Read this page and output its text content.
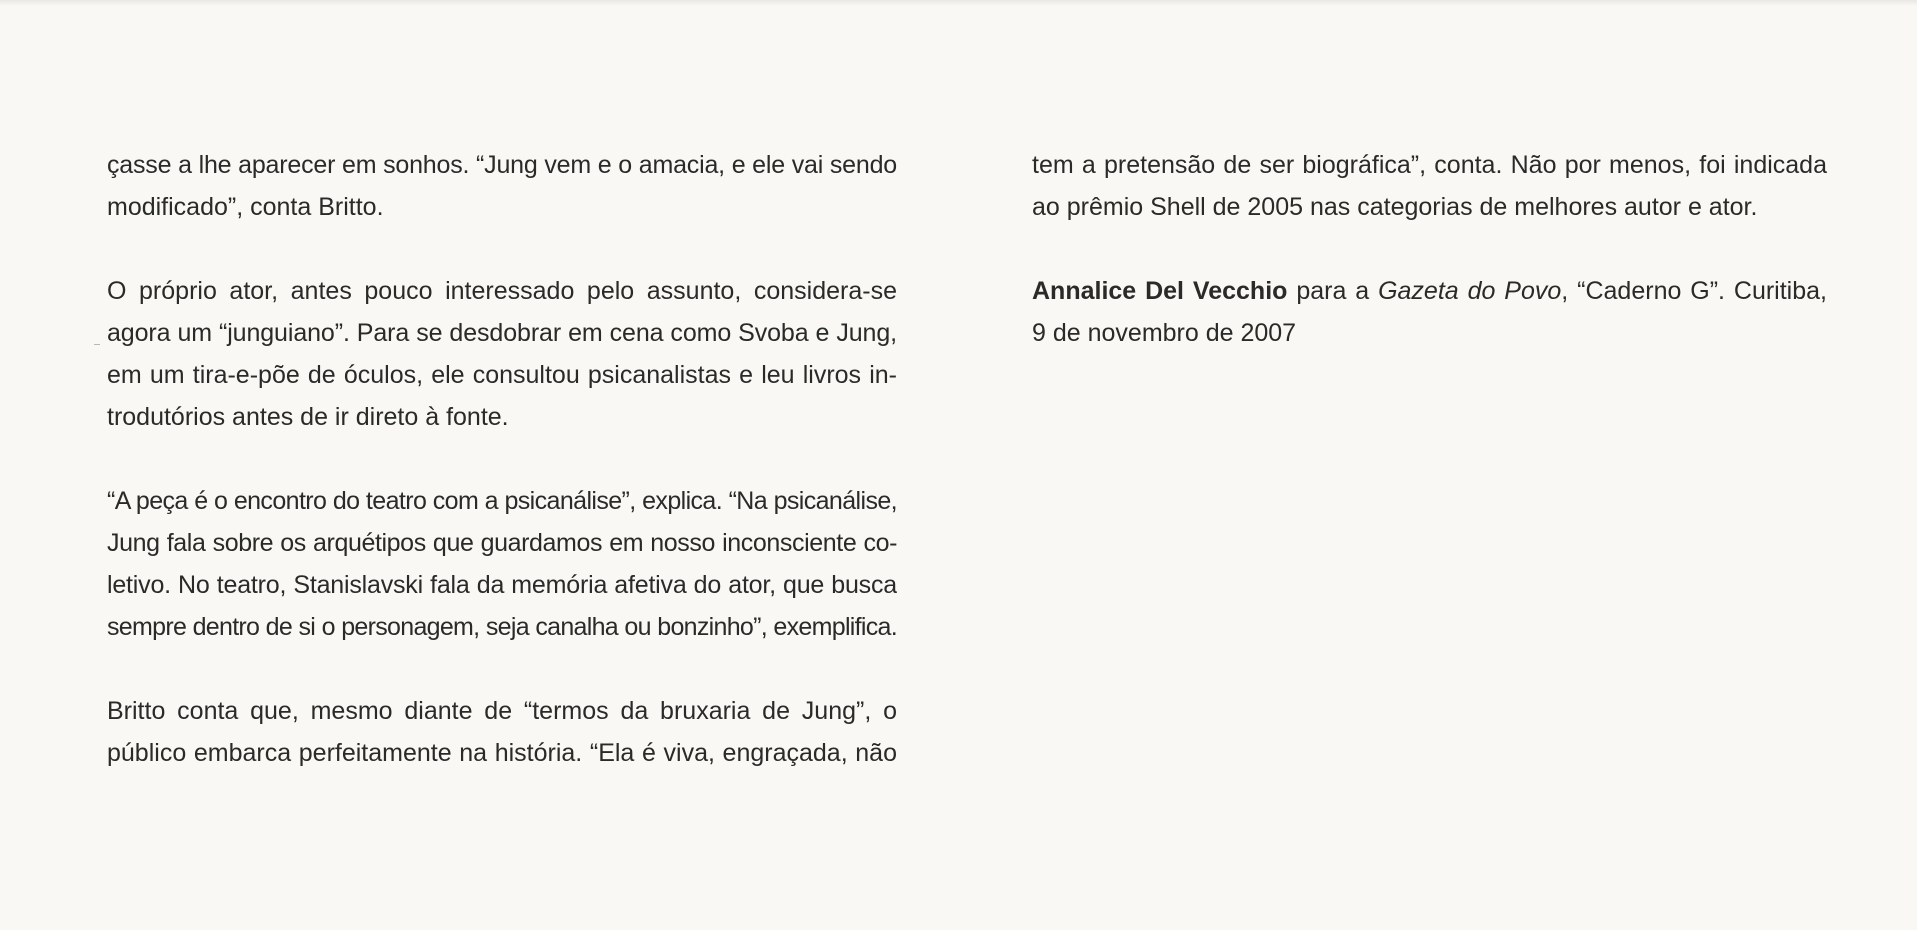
çasse a lhe aparecer em sonhos. “Jung vem e o amacia, e ele vai sendo
modificado”, conta Britto.

O próprio ator, antes pouco interessado pelo assunto, considera-se
agora um “junguiano”. Para se desdobrar em cena como Svoba e Jung,
em um tira-e-põe de óculos, ele consultou psicanalistas e leu livros in-
trodutórios antes de ir direto à fonte.

“A peça é o encontro do teatro com a psicanálise”, explica. “Na psicanálise,
Jung fala sobre os arquétipos que guardamos em nosso inconsciente co-
letivo. No teatro, Stanislavski fala da memória afetiva do ator, que busca
sempre dentro de si o personagem, seja canalha ou bonzinho”, exemplifica.

Britto conta que, mesmo diante de “termos da bruxaria de Jung”, o
público embarca perfeitamente na história. “Ela é viva, engraçada, não

tem a pretensão de ser biográfica”, conta. Não por menos, foi indicada
ao prêmio Shell de 2005 nas categorias de melhores autor e ator.

Annalice Del Vecchio para a Gazeta do Povo, “Caderno G”. Curitiba,
9 de novembro de 2007
